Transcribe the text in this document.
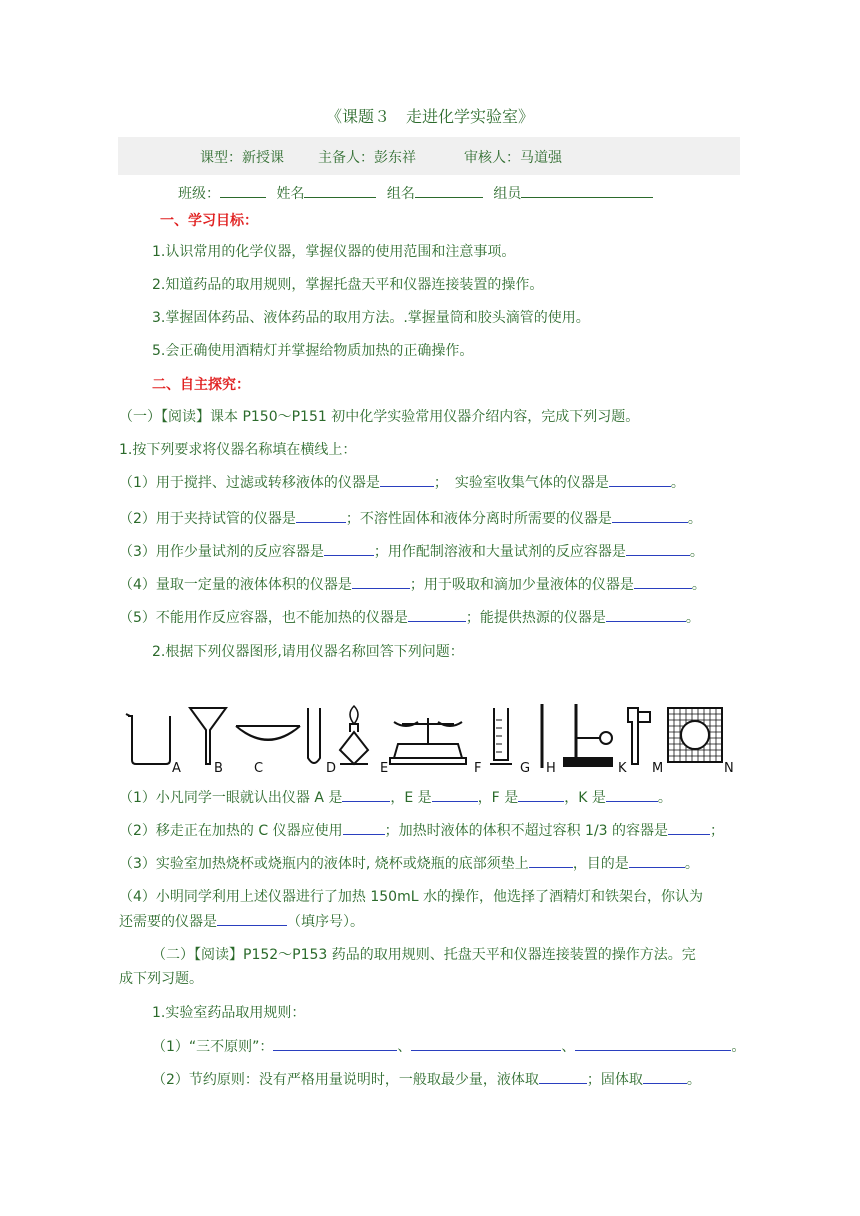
《课题３　走进化学实验室》
课型：新授课 主备人：彭东祥	审核人：马道强
班级：	姓名	组名	组员
一、学习目标：
1.认识常用的化学仪器，掌握仪器的使用范围和注意事项。
2.知道药品的取用规则，掌握托盘天平和仪器连接装置的操作。
3.掌握固体药品、液体药品的取用方法。.掌握量筒和胶头滴管的使用。
5.会正确使用酒精灯并掌握给物质加热的正确操作。
二、自主探究：
（一）【阅读】课本 P150～P151 初中化学实验常用仪器介绍内容，完成下列习题。
1.按下列要求将仪器名称填在横线上：
（1）用于搅拌、过滤或转移液体的仪器是	；　实验室收集气体的仪器是	。
（2）用于夹持试管的仪器是	；不溶性固体和液体分离时所需要的仪器是	。
（3）用作少量试剂的反应容器是	；用作配制溶液和大量试剂的反应容器是	。
（4）量取一定量的液体体积的仪器是	；用于吸取和滴加少量液体的仪器是	。
（5）不能用作反应容器，也不能加热的仪器是	；能提供热源的仪器是	。
2.根据下列仪器图形,请用仪器名称回答下列问题：
A	B C	D	E	F	G H	K M	N
（1）小凡同学一眼就认出仪器 A 是	，E 是	，F 是	，K 是	。
（2）移走正在加热的 C 仪器应使用	；加热时液体的体积不超过容积 1/3 的容器是	；
（3）实验室加热烧杯或烧瓶内的液体时, 烧杯或烧瓶的底部须垫上	，目的是	。
（4）小明同学利用上述仪器进行了加热 150mL 水的操作，他选择了酒精灯和铁架台，你认为
还需要的仪器是	（填序号）。
（二）【阅读】P152～P153 药品的取用规则、托盘天平和仪器连接装置的操作方法。完
成下列习题。
1.实验室药品取用规则：
（1）“三不原则”：	、	、	。
（2）节约原则：没有严格用量说明时，一般取最少量，液体取	；固体取	。
